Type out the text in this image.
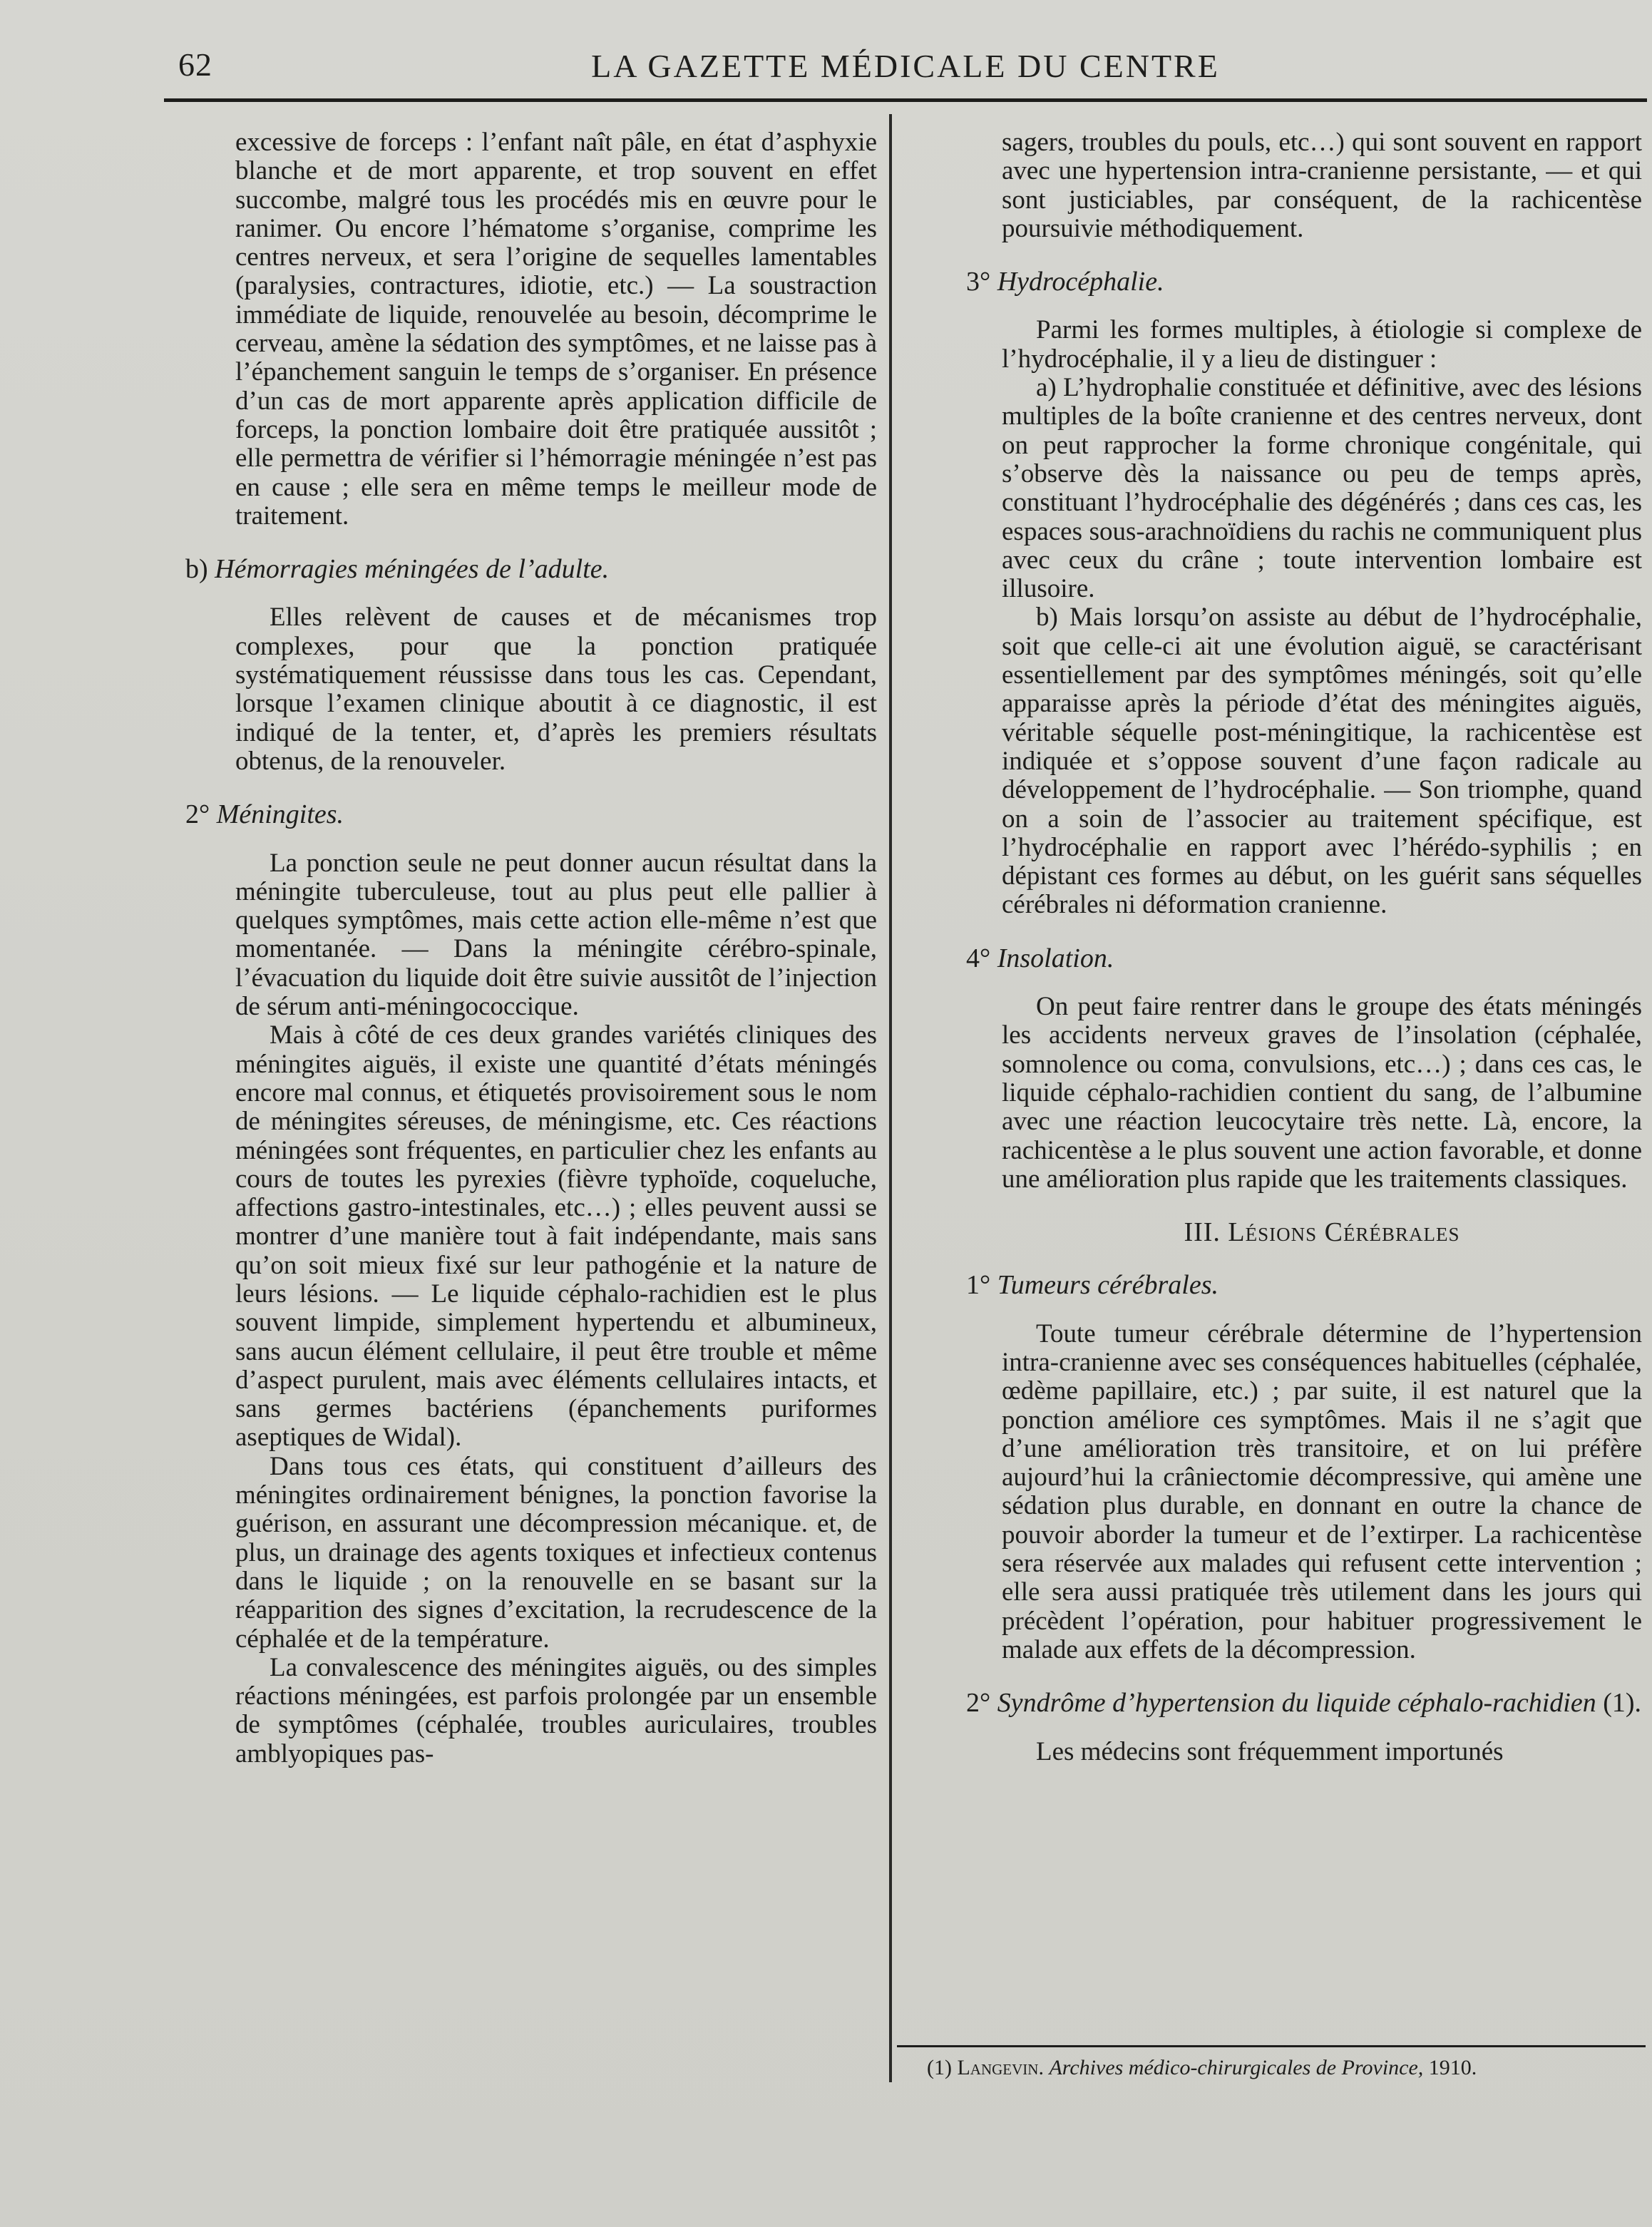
62	LA GAZETTE MÉDICALE DU CENTRE

excessive de forceps : l’enfant naît pâle, en état d’asphyxie blanche et de mort apparente, et trop souvent en effet succombe, malgré tous les procédés mis en œuvre pour le ranimer. Ou encore l’hématome s’organise, comprime les centres nerveux, et sera l’origine de sequelles lamentables (paralysies, contractures, idiotie, etc.) — La soustraction immédiate de liquide, renouvelée au besoin, décomprime le cerveau, amène la sédation des symptômes, et ne laisse pas à l’épanchement sanguin le temps de s’organiser. En présence d’un cas de mort apparente après application difficile de forceps, la ponction lombaire doit être pratiquée aussitôt ; elle permettra de vérifier si l’hémorragie méningée n’est pas en cause ; elle sera en même temps le meilleur mode de traitement.

b) Hémorragies méningées de l’adulte.

Elles relèvent de causes et de mécanismes trop complexes, pour que la ponction pratiquée systématiquement réussisse dans tous les cas. Cependant, lorsque l’examen clinique aboutit à ce diagnostic, il est indiqué de la tenter, et, d’après les premiers résultats obtenus, de la renouveler.

2° Méningites.

La ponction seule ne peut donner aucun résultat dans la méningite tuberculeuse, tout au plus peut elle pallier à quelques symptômes, mais cette action elle-même n’est que momentanée. — Dans la méningite cérébro-spinale, l’évacuation du liquide doit être suivie aussitôt de l’injection de sérum anti-méningococcique.

Mais à côté de ces deux grandes variétés cliniques des méningites aiguës, il existe une quantité d’états méningés encore mal connus, et étiquetés provisoirement sous le nom de méningites séreuses, de méningisme, etc. Ces réactions méningées sont fréquentes, en particulier chez les enfants au cours de toutes les pyrexies (fièvre typhoïde, coqueluche, affections gastro-intestinales, etc…) ; elles peuvent aussi se montrer d’une manière tout à fait indépendante, mais sans qu’on soit mieux fixé sur leur pathogénie et la nature de leurs lésions. — Le liquide céphalo-rachidien est le plus souvent limpide, simplement hypertendu et albumineux, sans aucun élément cellulaire, il peut être trouble et même d’aspect purulent, mais avec éléments cellulaires intacts, et sans germes bactériens (épanchements puriformes aseptiques de Widal).

Dans tous ces états, qui constituent d’ailleurs des méningites ordinairement bénignes, la ponction favorise la guérison, en assurant une décompression mécanique. et, de plus, un drainage des agents toxiques et infectieux contenus dans le liquide ; on la renouvelle en se basant sur la réapparition des signes d’excitation, la recrudescence de la céphalée et de la température.

La convalescence des méningites aiguës, ou des simples réactions méningées, est parfois prolongée par un ensemble de symptômes (céphalée, troubles auriculaires, troubles amblyopiques pas-

sagers, troubles du pouls, etc…) qui sont souvent en rapport avec une hypertension intra-cranienne persistante, — et qui sont justiciables, par conséquent, de la rachicentèse poursuivie méthodiquement.

3° Hydrocéphalie.

Parmi les formes multiples, à étiologie si complexe de l’hydrocéphalie, il y a lieu de distinguer :

a) L’hydrophalie constituée et définitive, avec des lésions multiples de la boîte cranienne et des centres nerveux, dont on peut rapprocher la forme chronique congénitale, qui s’observe dès la naissance ou peu de temps après, constituant l’hydrocéphalie des dégénérés ; dans ces cas, les espaces sous-arachnoïdiens du rachis ne communiquent plus avec ceux du crâne ; toute intervention lombaire est illusoire.

b) Mais lorsqu’on assiste au début de l’hydrocéphalie, soit que celle-ci ait une évolution aiguë, se caractérisant essentiellement par des symptômes méningés, soit qu’elle apparaisse après la période d’état des méningites aiguës, véritable séquelle post-méningitique, la rachicentèse est indiquée et s’oppose souvent d’une façon radicale au développement de l’hydrocéphalie. — Son triomphe, quand on a soin de l’associer au traitement spécifique, est l’hydrocéphalie en rapport avec l’hérédo-syphilis ; en dépistant ces formes au début, on les guérit sans séquelles cérébrales ni déformation cranienne.

4° Insolation.

On peut faire rentrer dans le groupe des états méningés les accidents nerveux graves de l’insolation (céphalée, somnolence ou coma, convulsions, etc…) ; dans ces cas, le liquide céphalo-rachidien contient du sang, de l’albumine avec une réaction leucocytaire très nette. Là, encore, la rachicentèse a le plus souvent une action favorable, et donne une amélioration plus rapide que les traitements classiques.

III. Lésions Cérébrales
1° Tumeurs cérébrales.

Toute tumeur cérébrale détermine de l’hypertension intra-cranienne avec ses conséquences habituelles (céphalée, œdème papillaire, etc.) ; par suite, il est naturel que la ponction améliore ces symptômes. Mais il ne s’agit que d’une amélioration très transitoire, et on lui préfère aujourd’hui la crâniectomie décompressive, qui amène une sédation plus durable, en donnant en outre la chance de pouvoir aborder la tumeur et de l’extirper. La rachicentèse sera réservée aux malades qui refusent cette intervention ; elle sera aussi pratiquée très utilement dans les jours qui précèdent l’opération, pour habituer progressivement le malade aux effets de la décompression.

2° Syndrôme d’hypertension du liquide céphalo-rachidien (1).

Les médecins sont fréquemment importunés

(1) Langevin. Archives médico-chirurgicales de Province, 1910.
